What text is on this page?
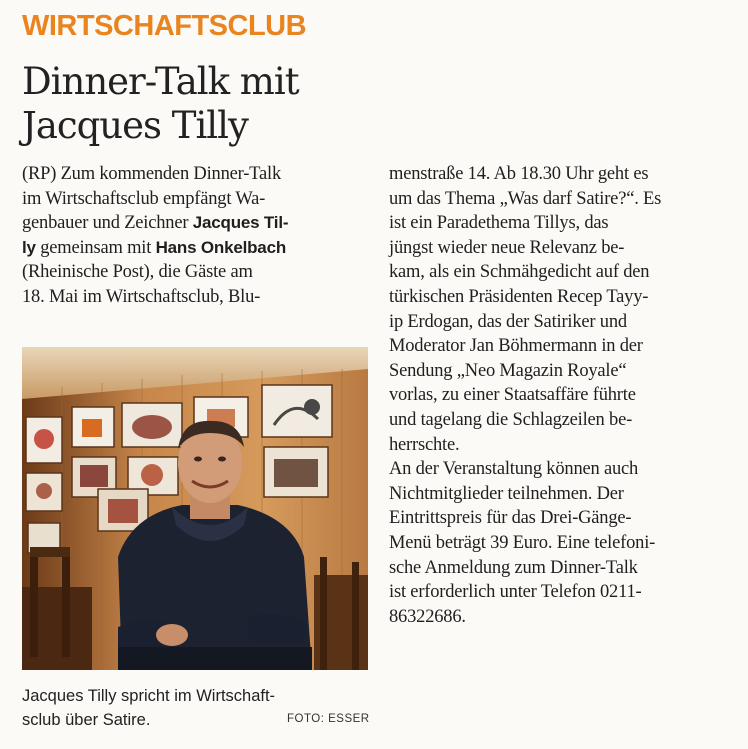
WIRTSCHAFTSCLUB
Dinner-Talk mit
Jacques Tilly

(RP) Zum kommenden Dinner-Talk

im Wirtschaftsclub empfängt Wa-

genbauer und Zeichner Jacques Til-

ly gemeinsam mit Hans Onkelbach

(Rheinische Post), die Gäste am

18. Mai im Wirtschaftsclub, Blu-

menstraße 14. Ab 18.30 Uhr geht es

um das Thema „Was darf Satire?“. Es

ist ein Paradethema Tillys, das

jüngst wieder neue Relevanz be-

kam, als ein Schmähgedicht auf den

türkischen Präsidenten Recep Tayy-

ip Erdogan, das der Satiriker und

Moderator Jan Böhmermann in der

Sendung „Neo Magazin Royale“

vorlas, zu einer Staatsaffäre führte

und tagelang die Schlagzeilen be-

herrschte.

An der Veranstaltung können auch

Nichtmitglieder teilnehmen. Der

Eintrittspreis für das Drei-Gänge-

Menü beträgt 39 Euro. Eine telefoni-

sche Anmeldung zum Dinner-Talk

ist erforderlich unter Telefon 0211-

86322686.

Jacques Tilly spricht im Wirtschaft-
sclub über Satire.	FOTO: ESSER
